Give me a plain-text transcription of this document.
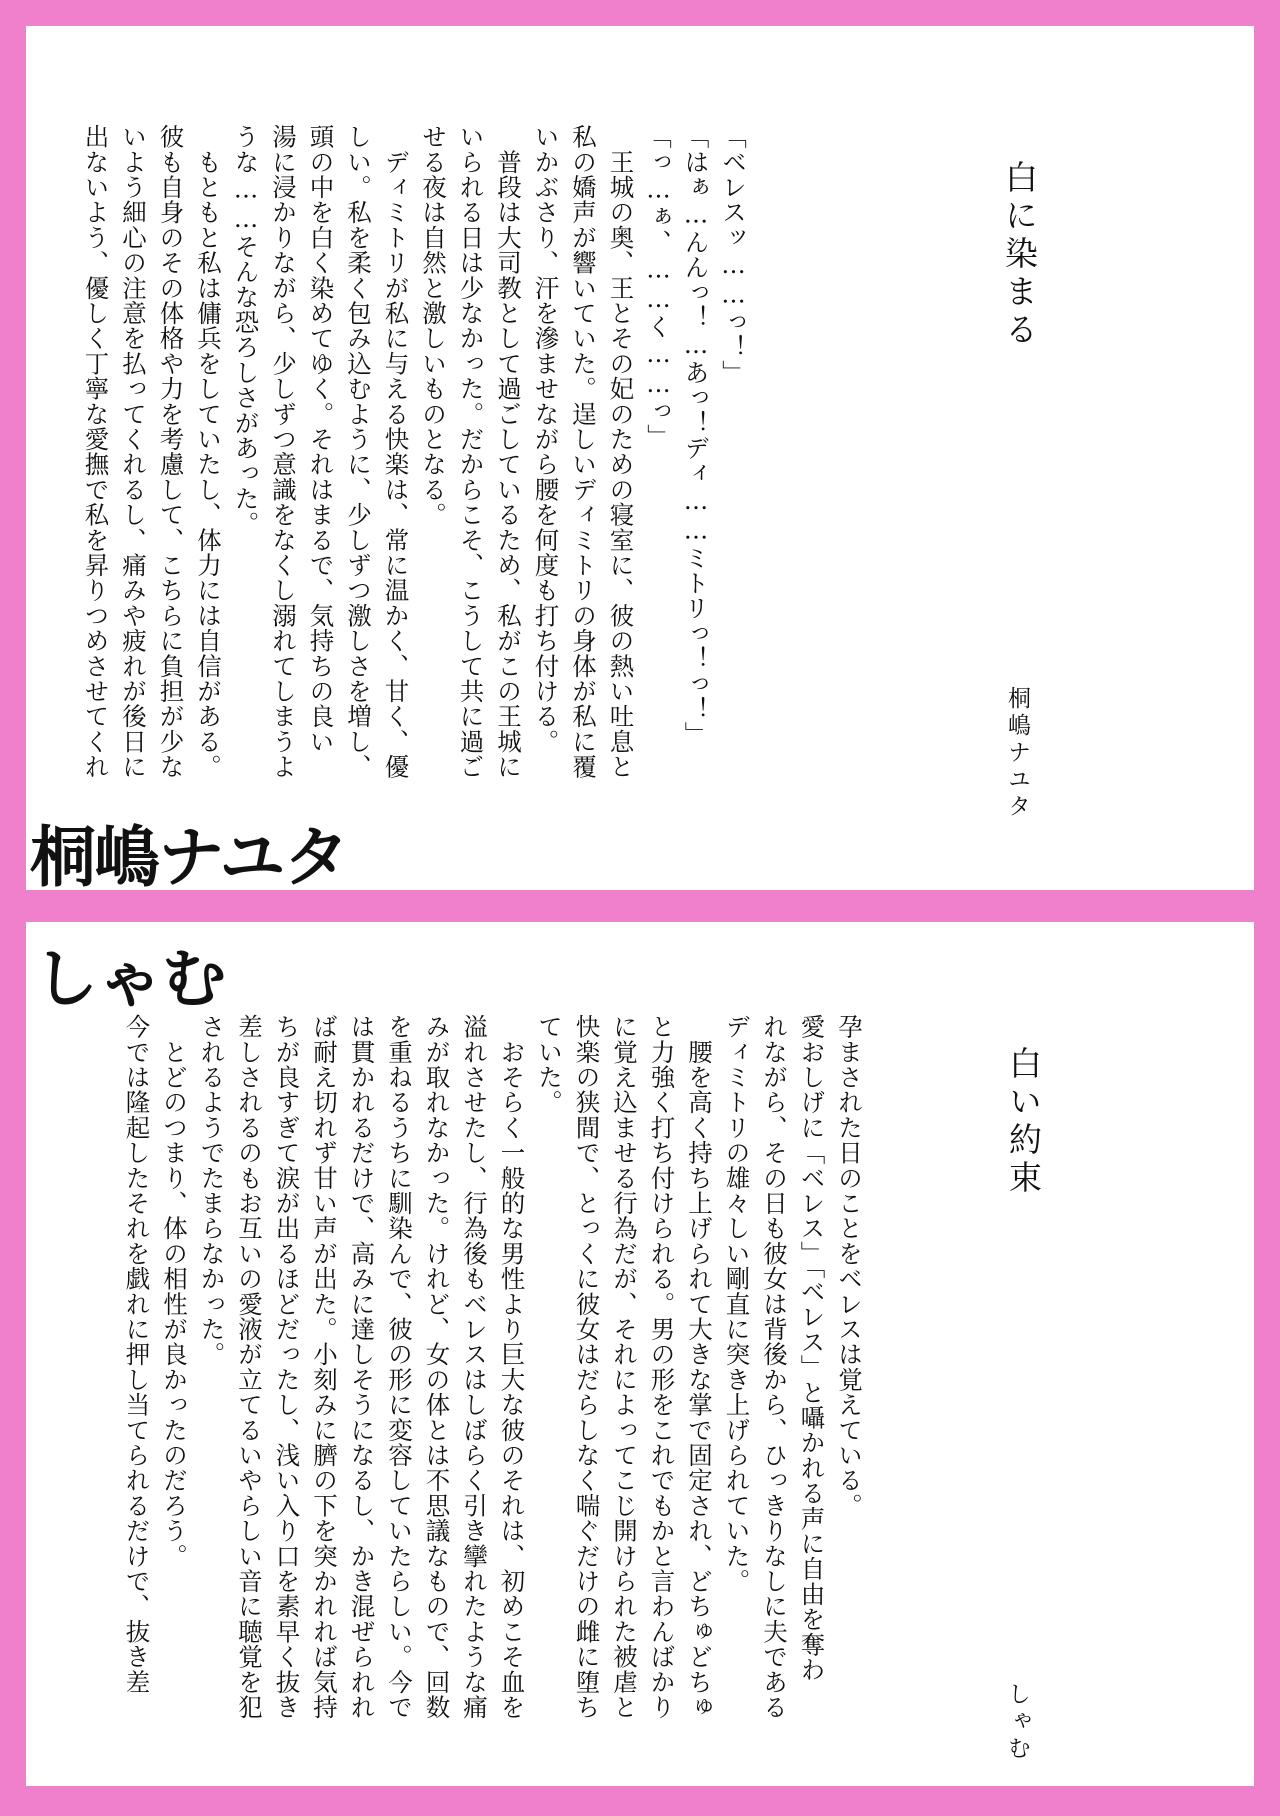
白に染まる
桐嶋ナユタ
「ベレスッ……っ！」
「はぁ…んんっ！…あっ！ディ……ミトリっ！っ！」
「っ…ぁ、……く……っ」
　王城の奥、王とその妃のための寝室に、彼の熱い吐息と
私の嬌声が響いていた。逞しいディミトリの身体が私に覆
いかぶさり、汗を滲ませながら腰を何度も打ち付ける。
　普段は大司教として過ごしているため、私がこの王城に
いられる日は少なかった。だからこそ、こうして共に過ご
せる夜は自然と激しいものとなる。
　ディミトリが私に与える快楽は、常に温かく、甘く、優
しい。私を柔く包み込むように、少しずつ激しさを増し、
頭の中を白く染めてゆく。それはまるで、気持ちの良い
湯に浸かりながら、少しずつ意識をなくし溺れてしまうよ
うな……そんな恐ろしさがあった。
　もともと私は傭兵をしていたし、体力には自信がある。
彼も自身のその体格や力を考慮して、こちらに負担が少な
いよう細心の注意を払ってくれるし、痛みや疲れが後日に
出ないよう、優しく丁寧な愛撫で私を昇りつめさせてくれ
白い約束
しゃむ
孕まされた日のことをベレスは覚えている。
愛おしげに「ベレス」「ベレス」と囁かれる声に自由を奪わ
れながら、その日も彼女は背後から、ひっきりなしに夫である
ディミトリの雄々しい剛直に突き上げられていた。
　腰を高く持ち上げられて大きな掌で固定され、どちゅどちゅ
と力強く打ち付けられる。男の形をこれでもかと言わんばかり
に覚え込ませる行為だが、それによってこじ開けられた被虐と
快楽の狭間で、とっくに彼女はだらしなく喘ぐだけの雌に堕ち
ていた。
　おそらく一般的な男性より巨大な彼のそれは、初めこそ血を
溢れさせたし、行為後もベレスはしばらく引き攣れたような痛
みが取れなかった。けれど、女の体とは不思議なもので、回数
を重ねるうちに馴染んで、彼の形に変容していたらしい。今で
は貫かれるだけで、高みに達しそうになるし、かき混ぜられれ
ば耐え切れず甘い声が出た。小刻みに臍の下を突かれれば気持
ちが良すぎて涙が出るほどだったし、浅い入り口を素早く抜き
差しされるのもお互いの愛液が立てるいやらしい音に聴覚を犯
されるようでたまらなかった。
　とどのつまり、体の相性が良かったのだろう。
今では隆起したそれを戯れに押し当てられるだけで、抜き差
桐嶋ナユタ
しゃむ
